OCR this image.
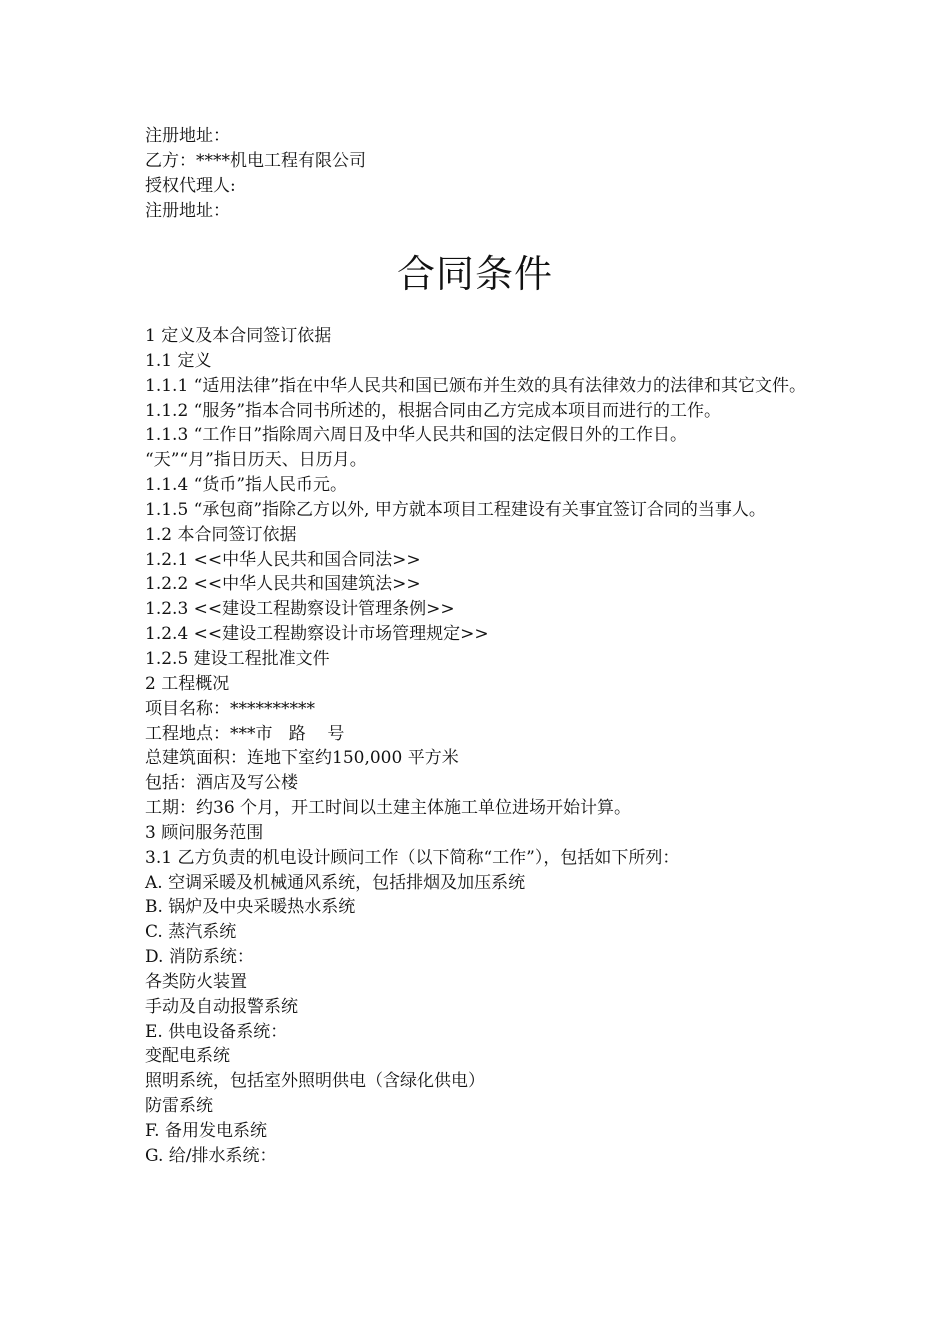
注册地址：

乙方：****机电工程有限公司

授权代理人:

注册地址：

合同条件

1 定义及本合同签订依据

1.1 定义

1.1.1 “适用法律”指在中华人民共和国已颁布并生效的具有法律效力的法律和其它文件。

1.1.2 “服务”指本合同书所述的，根据合同由乙方完成本项目而进行的工作。

1.1.3 “工作日”指除周六周日及中华人民共和国的法定假日外的工作日。

“天”“月”指日历天、日历月。

1.1.4 “货币”指人民币元。

1.1.5 “承包商”指除乙方以外, 甲方就本项目工程建设有关事宜签订合同的当事人。

1.2 本合同签订依据

1.2.1 <<中华人民共和国合同法>>

1.2.2 <<中华人民共和国建筑法>>

1.2.3 <<建设工程勘察设计管理条例>>

1.2.4 <<建设工程勘察设计市场管理规定>>

1.2.5 建设工程批准文件

2 工程概况

项目名称：**********

工程地点：***市   路    号

总建筑面积：连地下室约150,000 平方米

包括：酒店及写公楼

工期：约36 个月，开工时间以土建主体施工单位进场开始计算。

3 顾问服务范围

3.1 乙方负责的机电设计顾问工作（以下简称“工作”），包括如下所列：

A. 空调采暖及机械通风系统，包括排烟及加压系统

B. 锅炉及中央采暖热水系统

C. 蒸汽系统

D. 消防系统：

各类防火装置

手动及自动报警系统

E. 供电设备系统：

变配电系统

照明系统，包括室外照明供电（含绿化供电）

防雷系统

F. 备用发电系统

G. 给/排水系统：
